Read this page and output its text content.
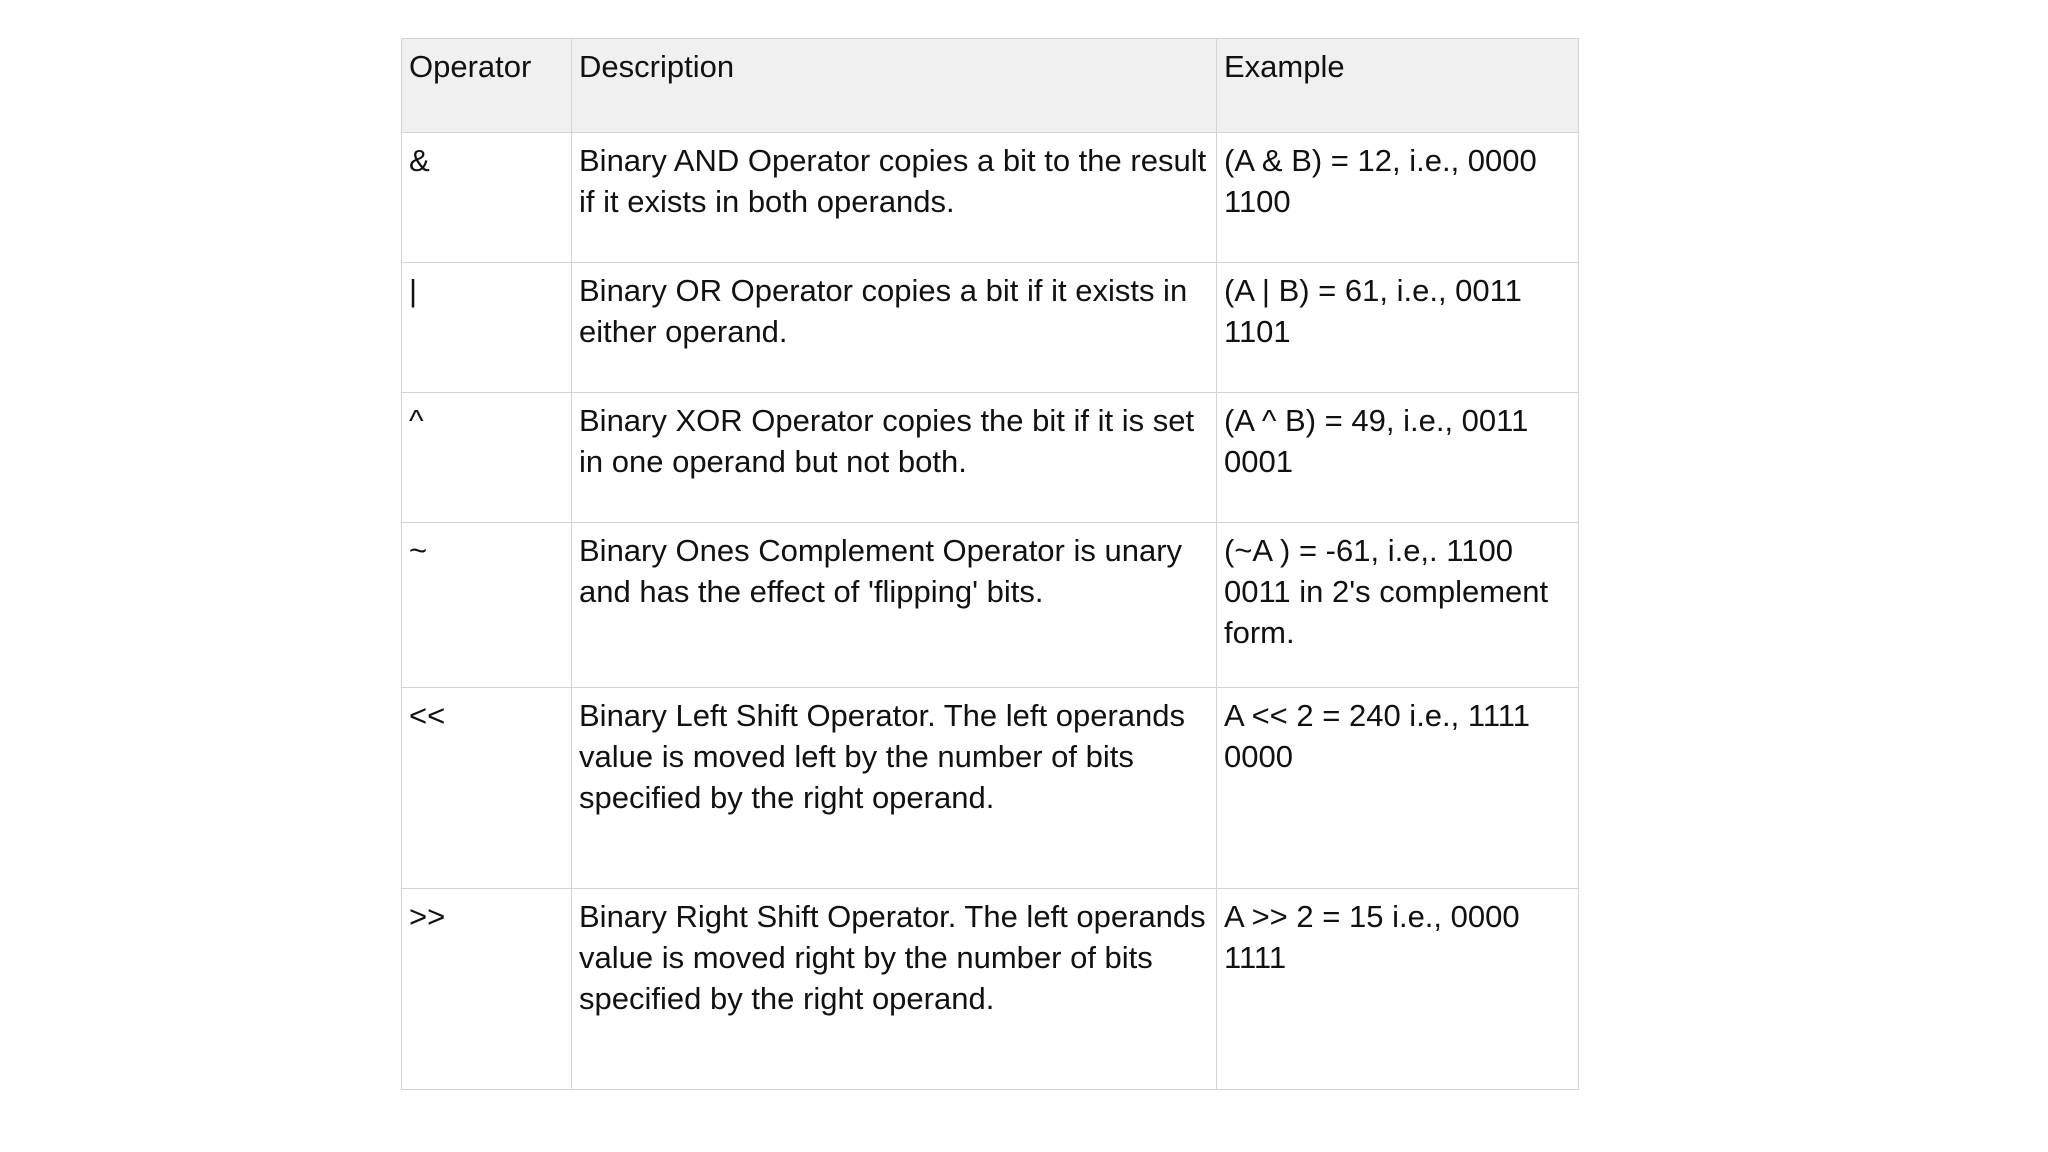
Operator	Description	Example
&	Binary AND Operator copies a bit to the result if it exists in both operands.	(A & B) = 12, i.e., 0000 1100
|	Binary OR Operator copies a bit if it exists in either operand.	(A | B) = 61, i.e., 0011 1101
^	Binary XOR Operator copies the bit if it is set in one operand but not both.	(A ^ B) = 49, i.e., 0011 0001
~	Binary Ones Complement Operator is unary and has the effect of 'flipping' bits.	(~A ) = -61, i.e,. 1100 0011 in 2's complement form.
<<	Binary Left Shift Operator. The left operands value is moved left by the number of bits specified by the right operand.	A << 2 = 240 i.e., 1111 0000
>>	Binary Right Shift Operator. The left operands value is moved right by the number of bits specified by the right operand.	A >> 2 = 15 i.e., 0000 1111
